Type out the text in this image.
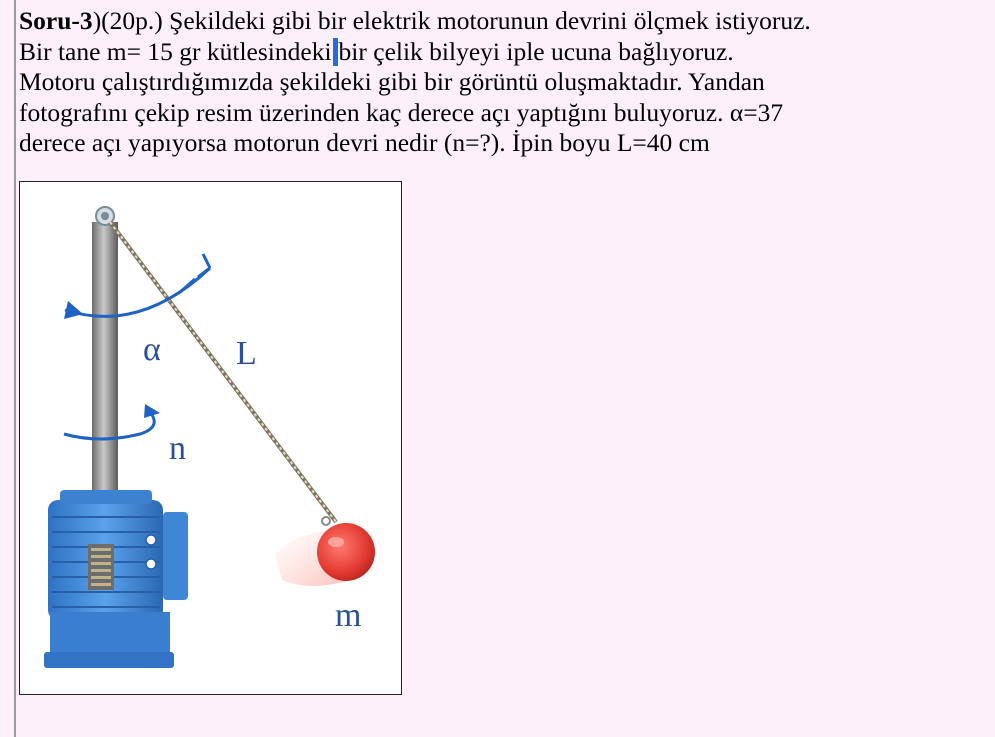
Soru-3)(20p.) Şekildeki gibi bir elektrik motorunun devrini ölçmek istiyoruz.
Bir tane m= 15 gr kütlesindeki bir çelik bilyeyi iple ucuna bağlıyoruz.
Motoru çalıştırdığımızda şekildeki gibi bir görüntü oluşmaktadır. Yandan
fotografını çekip resim üzerinden kaç derece açı yaptığını buluyoruz. α=37
derece açı yapıyorsa motorun devri nedir (n=?). İpin boyu L=40 cm
α L
n
m
